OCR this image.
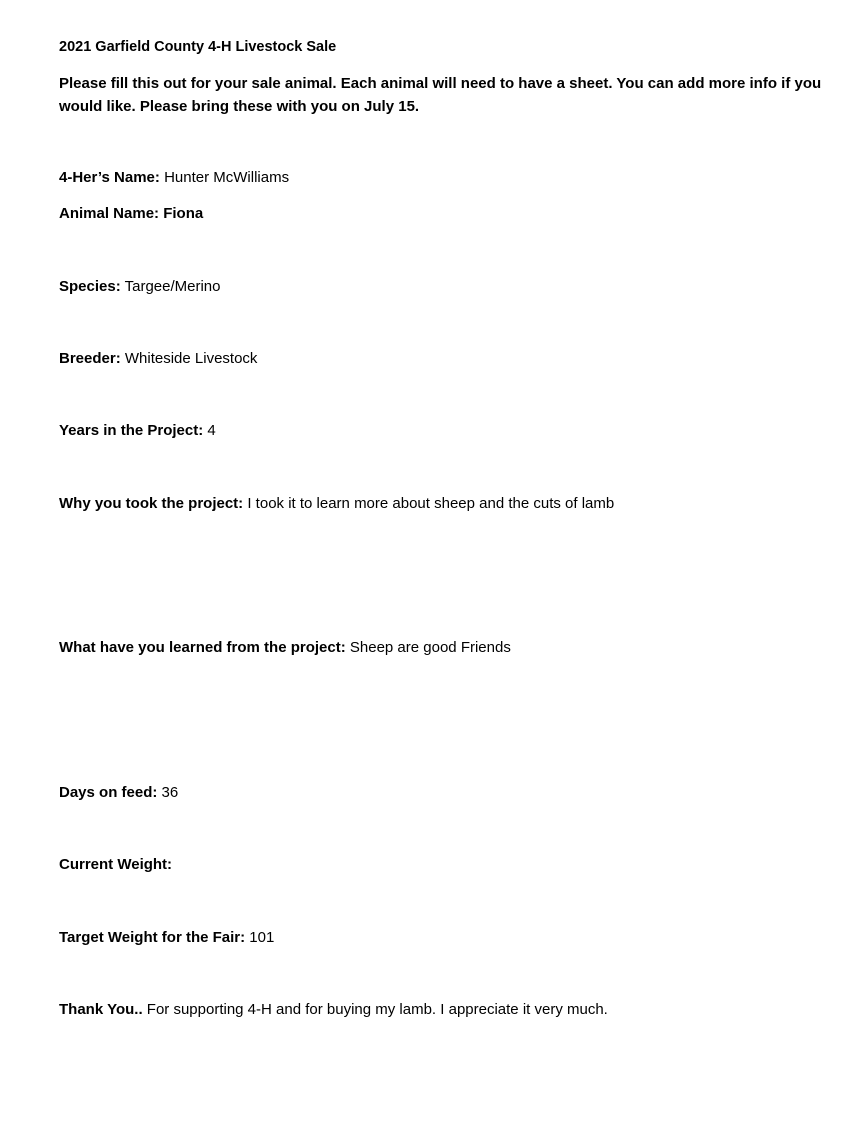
2021 Garfield County 4-H Livestock Sale
Please fill this out for your sale animal. Each animal will need to have a sheet. You can add more info if you would like. Please bring these with you on July 15.
4-Her’s Name: Hunter McWilliams
Animal Name: Fiona
Species: Targee/Merino
Breeder: Whiteside Livestock
Years in the Project: 4
Why you took the project: I took it to learn more about sheep and the cuts of lamb
What have you learned from the project: Sheep are good Friends
Days on feed: 36
Current Weight:
Target Weight for the Fair: 101
Thank You.. For supporting 4-H and for buying my lamb. I appreciate it very much.
